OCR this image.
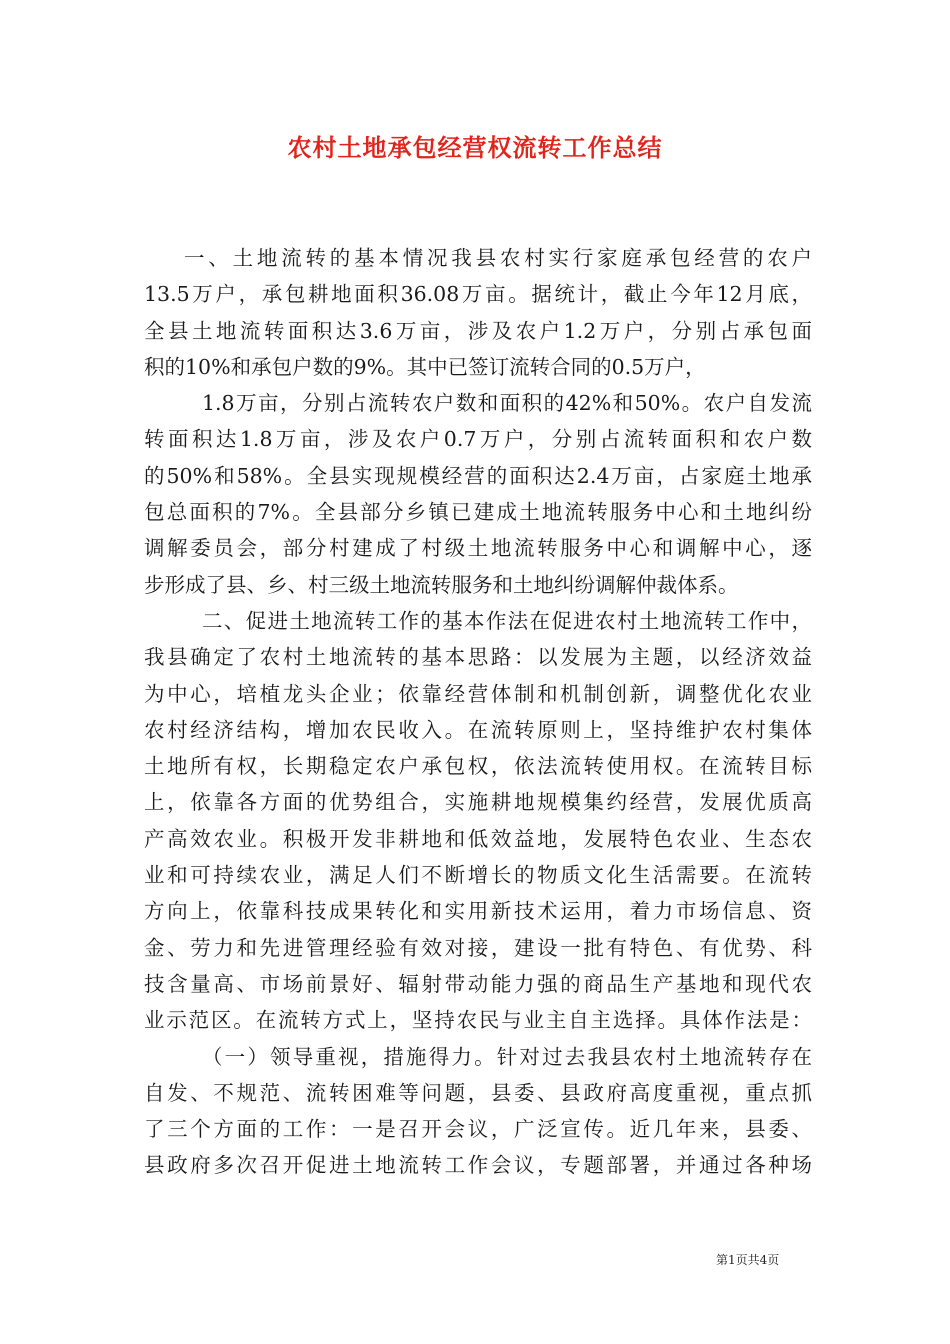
农村土地承包经营权流转工作总结
一、土地流转的基本情况我县农村实行家庭承包经营的农户
13.5万户，承包耕地面积36.08万亩。据统计，截止今年12月底，
全县土地流转面积达3.6万亩，涉及农户1.2万户，分别占承包面
积的10%和承包户数的9%。其中已签订流转合同的0.5万户，
1.8万亩，分别占流转农户数和面积的42%和50%。农户自发流
转面积达1.8万亩，涉及农户0.7万户，分别占流转面积和农户数
的50%和58%。全县实现规模经营的面积达2.4万亩，占家庭土地承
包总面积的7%。全县部分乡镇已建成土地流转服务中心和土地纠纷
调解委员会，部分村建成了村级土地流转服务中心和调解中心，逐
步形成了县、乡、村三级土地流转服务和土地纠纷调解仲裁体系。
二、促进土地流转工作的基本作法在促进农村土地流转工作中，
我县确定了农村土地流转的基本思路：以发展为主题，以经济效益
为中心，培植龙头企业；依靠经营体制和机制创新，调整优化农业
农村经济结构，增加农民收入。在流转原则上，坚持维护农村集体
土地所有权，长期稳定农户承包权，依法流转使用权。在流转目标
上，依靠各方面的优势组合，实施耕地规模集约经营，发展优质高
产高效农业。积极开发非耕地和低效益地，发展特色农业、生态农
业和可持续农业，满足人们不断增长的物质文化生活需要。在流转
方向上，依靠科技成果转化和实用新技术运用，着力市场信息、资
金、劳力和先进管理经验有效对接，建设一批有特色、有优势、科
技含量高、市场前景好、辐射带动能力强的商品生产基地和现代农
业示范区。在流转方式上，坚持农民与业主自主选择。具体作法是：
（一）领导重视，措施得力。针对过去我县农村土地流转存在
自发、不规范、流转困难等问题，县委、县政府高度重视，重点抓
了三个方面的工作：一是召开会议，广泛宣传。近几年来，县委、
县政府多次召开促进土地流转工作会议，专题部署，并通过各种场
第1页共4页
